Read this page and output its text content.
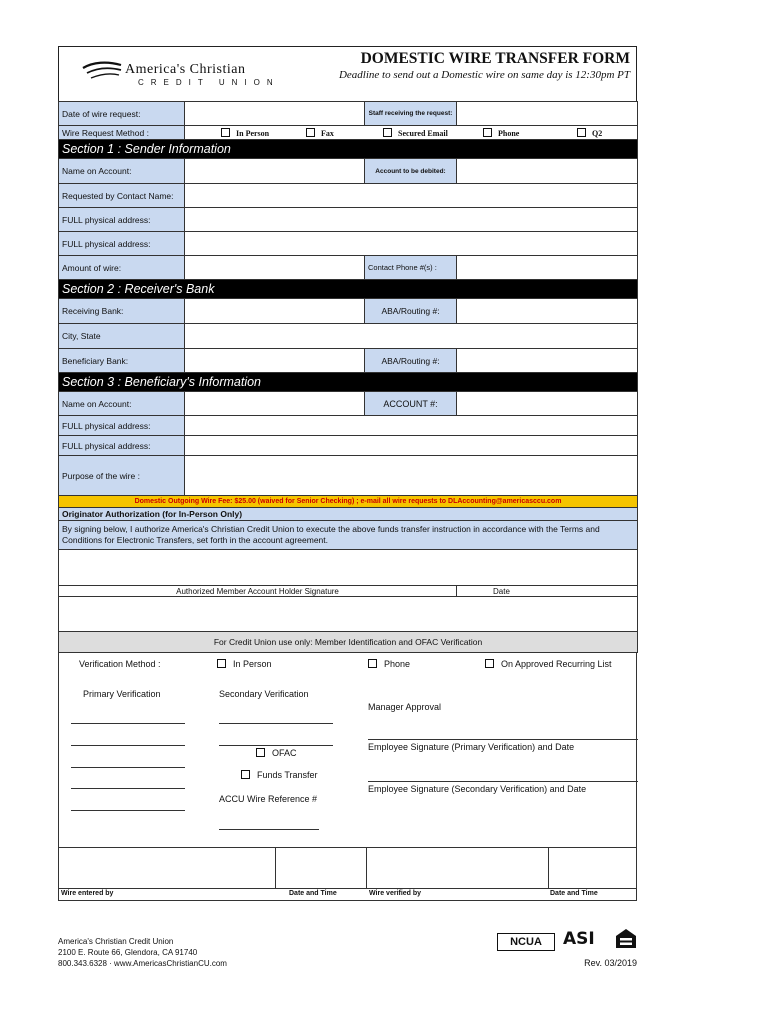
America's Christian
CREDIT UNION
DOMESTIC WIRE TRANSFER FORM
Deadline to send out a Domestic wire on same day is 12:30pm PT
Date of wire request:		Staff receiving the request:	
Wire Request Method :	In Person Fax Secured Email Phone Q2		

Section 1 : Sender Information			
Name on Account:		Account to be debited:	
Requested by Contact Name:			
FULL physical address:			
FULL physical address:			
Amount of wire:		Contact Phone #(s) :	
Section 2 : Receiver's Bank			
Receiving Bank:		ABA/Routing #:	
City, State			
Beneficiary Bank:		ABA/Routing #:	
Section 3 : Beneficiary's Information			
Name on Account:		ACCOUNT #:	
FULL physical address:			
FULL physical address:			
Purpose of the wire :			
Domestic Outgoing Wire Fee: $25.00 (waived for Senior Checking) ; e-mail all wire requests to DLAccounting@americasccu.com			
Originator Authorization (for In-Person Only)			
By signing below, I authorize America's Christian Credit Union to execute the above funds transfer instruction in accordance with the Terms and Conditions for Electronic Transfers, set forth in the account agreement.			

Authorized Member Account Holder Signature			Date

For Credit Union use only: Member Identification and OFAC Verification			
Verification Method :	In Person	Phone	On Approved Recurring List
Primary Verification	Secondary Verification
Manager Approval
OFAC
Funds Transfer
ACCU Wire Reference #
Employee Signature (Primary Verification) and Date
Employee Signature (Secondary Verification) and Date
Wire entered by	Date and Time	Wire verified by	Date and Time
America's Christian Credit Union
2100 E. Route 66, Glendora, CA 91740
800.343.6328 · www.AmericasChristianCU.com
NCUA	ASI
Rev. 03/2019
